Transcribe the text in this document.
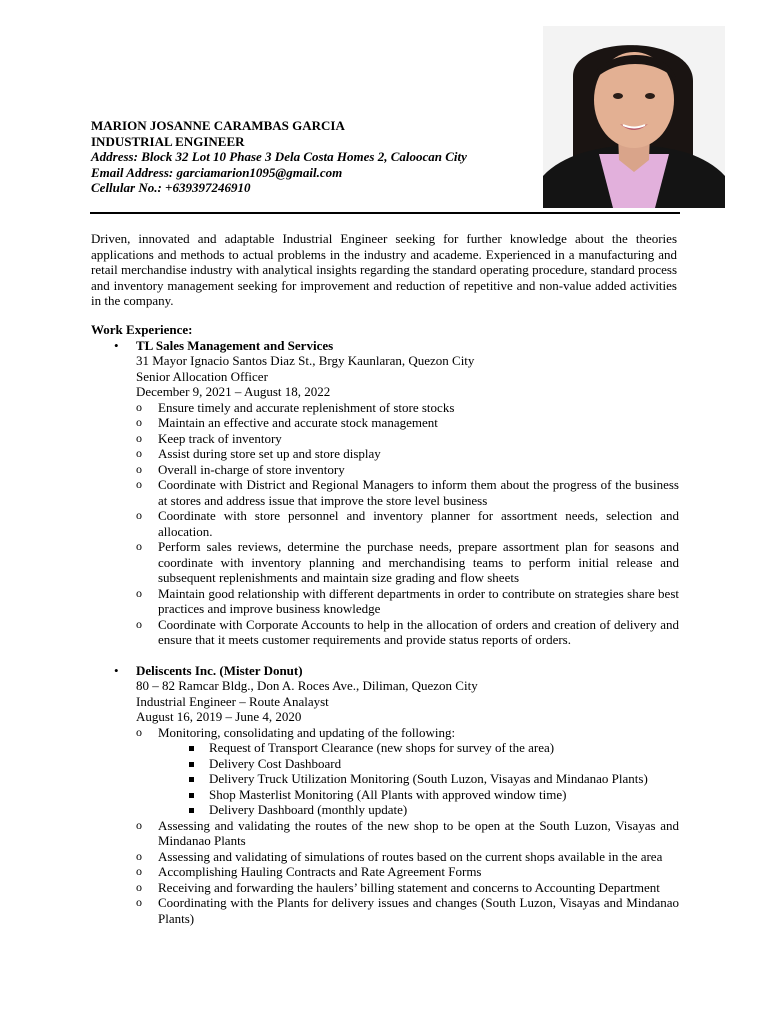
MARION JOSANNE CARAMBAS GARCIA
INDUSTRIAL ENGINEER
Address: Block 32 Lot 10 Phase 3 Dela Costa Homes 2, Caloocan City
Email Address: garciamarion1095@gmail.com
Cellular No.: +639397246910
Driven, innovated and adaptable Industrial Engineer seeking for further knowledge about the theories applications and methods to actual problems in the industry and academe. Experienced in a manufacturing and retail merchandise industry with analytical insights regarding the standard operating procedure, standard process and inventory management seeking for improvement and reduction of repetitive and non-value added activities in the company.
Work Experience:
• TL Sales Management and Services
31 Mayor Ignacio Santos Diaz St., Brgy Kaunlaran, Quezon City
Senior Allocation Officer
December 9, 2021 – August 18, 2022
o Ensure timely and accurate replenishment of store stocks
o Maintain an effective and accurate stock management
o Keep track of inventory
o Assist during store set up and store display
o Overall in-charge of store inventory
o Coordinate with District and Regional Managers to inform them about the progress of the business at stores and address issue that improve the store level business
o Coordinate with store personnel and inventory planner for assortment needs, selection and allocation.
o Perform sales reviews, determine the purchase needs, prepare assortment plan for seasons and coordinate with inventory planning and merchandising teams to perform initial release and subsequent replenishments and maintain size grading and flow sheets
o Maintain good relationship with different departments in order to contribute on strategies share best practices and improve business knowledge
o Coordinate with Corporate Accounts to help in the allocation of orders and creation of delivery and ensure that it meets customer requirements and provide status reports of orders.
• Deliscents Inc. (Mister Donut)
80 – 82 Ramcar Bldg., Don A. Roces Ave., Diliman, Quezon City
Industrial Engineer – Route Analayst
August 16, 2019 – June 4, 2020
o Monitoring, consolidating and updating of the following:
Request of Transport Clearance (new shops for survey of the area)
Delivery Cost Dashboard
Delivery Truck Utilization Monitoring (South Luzon, Visayas and Mindanao Plants)
Shop Masterlist Monitoring (All Plants with approved window time)
Delivery Dashboard (monthly update)
o Assessing and validating the routes of the new shop to be open at the South Luzon, Visayas and Mindanao Plants
o Assessing and validating of simulations of routes based on the current shops available in the area
o Accomplishing Hauling Contracts and Rate Agreement Forms
o Receiving and forwarding the haulers’ billing statement and concerns to Accounting Department
o Coordinating with the Plants for delivery issues and changes (South Luzon, Visayas and Mindanao Plants)
